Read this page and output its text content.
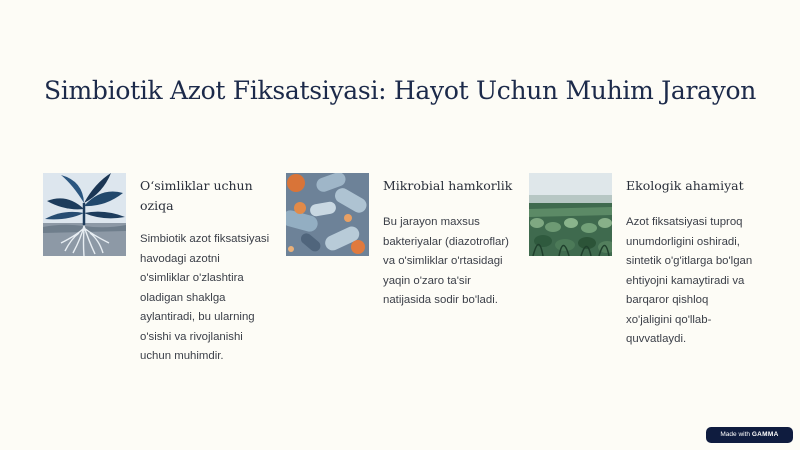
Simbiotik Azot Fiksatsiyasi: Hayot Uchun Muhim Jarayon
Oʻsimliklar uchun oziqa

Simbiotik azot fiksatsiyasi havodagi azotni o'simliklar o'zlashtira oladigan shaklga aylantiradi, bu ularning o'sishi va rivojlanishi uchun muhimdir.

Mikrobial hamkorlik

Bu jarayon maxsus bakteriyalar (diazotroflar) va o'simliklar o'rtasidagi yaqin o'zaro ta'sir natijasida sodir bo'ladi.

Ekologik ahamiyat

Azot fiksatsiyasi tuproq unumdorligini oshiradi, sintetik o'g'itlarga bo'lgan ehtiyojni kamaytiradi va barqaror qishloq xo'jaligini qo'llab-quvvatlaydi.

Made with GAMMA
